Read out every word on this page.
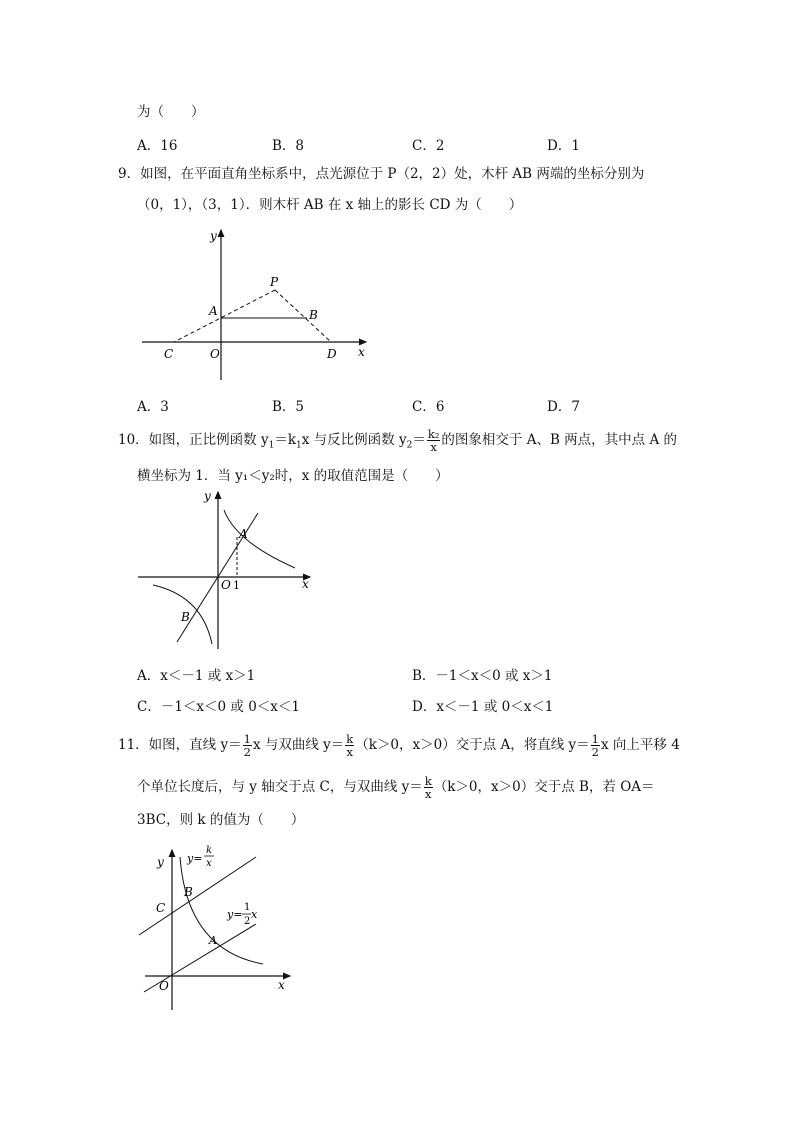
为（　　）
A．16	B．8	C．2	D．1
9．如图，在平面直角坐标系中，点光源位于 P（2，2）处，木杆 AB 两端的坐标分别为
（0，1），（3，1）．则木杆 AB 在 x 轴上的影长 CD 为（　　）
y
x
P
A	B
C	O	D
A．3	B．5	C．6	D．7
10．如图，正比例函数 $y_1=k_1x$ 与反比例函数 $y_2= \frac{\text{k₂}}{x}$ 的图象相交于 A、B 两点，其中点 A 的
横坐标为 1．当 y₁＜y₂时，x 的取值范围是（　　）
y
x
A
B
O 1
A．x＜－1 或 x＞1	B．－1＜x＜0 或 x＞1
C．－1＜x＜0 或 0＜x＜1	D．x＜－1 或 0＜x＜1
11．如图，直线 $y= \frac{1}{2}$ x 与双曲线 $y= \frac{k}{x} (k>0$，x＞0）交于点 A，将直线 $y= \frac{1}{2}$ x 向上平移 4
个单位长度后，与 y 轴交于点 C，与双曲线 $y= \frac{k}{x} (k>0$，x＞0）交于点 B，若 OA＝
3BC，则 k 的值为（　　）
y
x
O
C
B
A
y=
k
x
y=
1
2
x
